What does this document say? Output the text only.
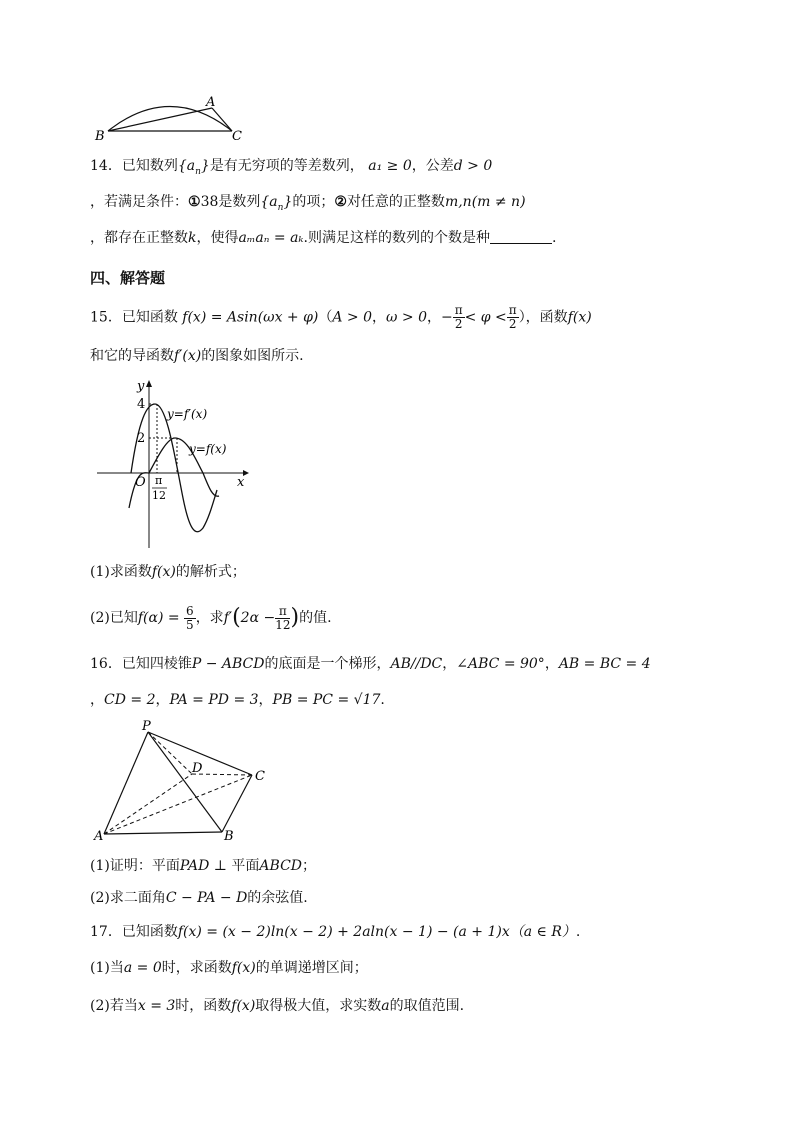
A
B	C
14．已知数列$\{a_n\}$是有无穷项的等差数列， a₁ ≥ 0，公差d > 0
，若满足条件：①38是数列$\{a_n\}$的项；②对任意的正整数m,n(m ≠ n)
，都存在正整数k，使得aₘaₙ = aₖ.则满足这样的数列的个数是种	.
四、解答题
15．已知函数 f(x) = Asin(ωx + φ)（A > 0，ω > 0，− $\frac{\pi}{2} < \varphi < \frac{\pi}{2}$ ），函数f(x)
和它的导函数f′(x)的图象如图所示.
y
x
O
4
2
π
12
y=f′(x)
y=f(x)
(1)求函数f(x)的解析式；
(2)已知$f(\alpha) = \frac{6}{5}$ ，求$f'(2\alpha - \frac{\pi}{12}$ )的值.
16．已知四棱锥P − ABCD的底面是一个梯形，AB//DC，∠ABC = 90°，AB = BC = 4
，CD = 2，PA = PD = 3，PB = PC = √17.
P
D
C
A	B
(1)证明：平面PAD ⊥ 平面ABCD；
(2)求二面角C − PA − D的余弦值.
17．已知函数f(x) = (x − 2)ln(x − 2) + 2aln(x − 1) − (a + 1)x（a ∈ R）.
(1)当a = 0时，求函数f(x)的单调递增区间；
(2)若当x = 3时，函数f(x)取得极大值，求实数a的取值范围.
